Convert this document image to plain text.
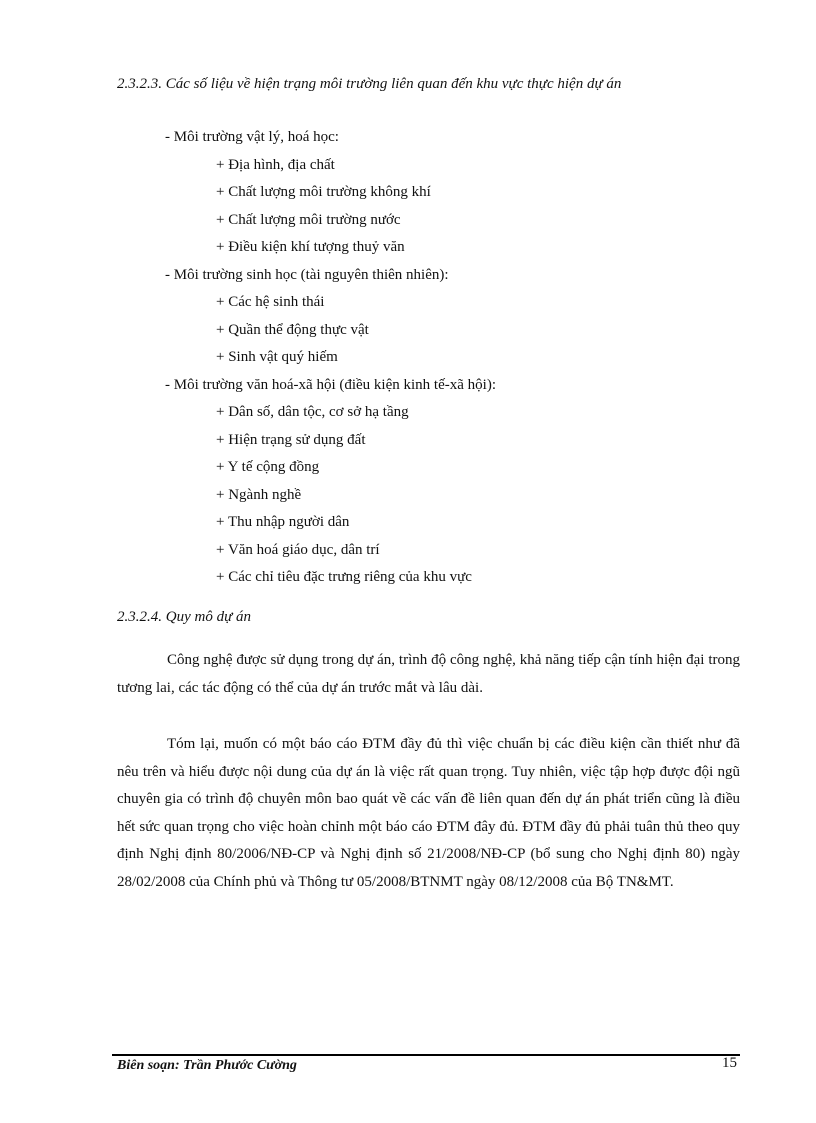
2.3.2.3. Các số liệu về hiện trạng môi trường liên quan đến khu vực thực hiện dự án
- Môi trường vật lý, hoá học:
+ Địa hình, địa chất
+ Chất lượng môi trường không khí
+ Chất lượng môi trường nước
+ Điều kiện khí tượng thuỷ văn
- Môi trường sinh học (tài nguyên thiên nhiên):
+ Các hệ sinh thái
+ Quần thể động thực vật
+ Sinh vật quý hiếm
- Môi trường văn hoá-xã hội (điều kiện kinh tế-xã hội):
+ Dân số, dân tộc, cơ sở hạ tầng
+ Hiện trạng sử dụng đất
+ Y tế cộng đồng
+ Ngành nghề
+ Thu nhập người dân
+ Văn hoá giáo dục, dân trí
+ Các chỉ tiêu đặc trưng riêng của khu vực
2.3.2.4. Quy mô dự án

Công nghệ được sử dụng trong dự án, trình độ công nghệ, khả năng tiếp cận tính hiện đại trong tương lai, các tác động có thể của dự án trước mắt và lâu dài.

Tóm lại, muốn có một báo cáo ĐTM đầy đủ thì việc chuẩn bị các điều kiện cần thiết như đã nêu trên và hiểu được nội dung của dự án là việc rất quan trọng. Tuy nhiên, việc tập hợp được đội ngũ chuyên gia có trình độ chuyên môn bao quát về các vấn đề liên quan đến dự án phát triển cũng là điều hết sức quan trọng cho việc hoàn chỉnh một báo cáo ĐTM đây đủ. ĐTM đầy đủ phải tuân thủ theo quy định Nghị định 80/2006/NĐ-CP và Nghị định số 21/2008/NĐ-CP (bổ sung cho Nghị định 80) ngày 28/02/2008 của Chính phủ và Thông tư 05/2008/BTNMT ngày 08/12/2008 của Bộ TN&MT.

Biên soạn: Trần Phước Cường	15
